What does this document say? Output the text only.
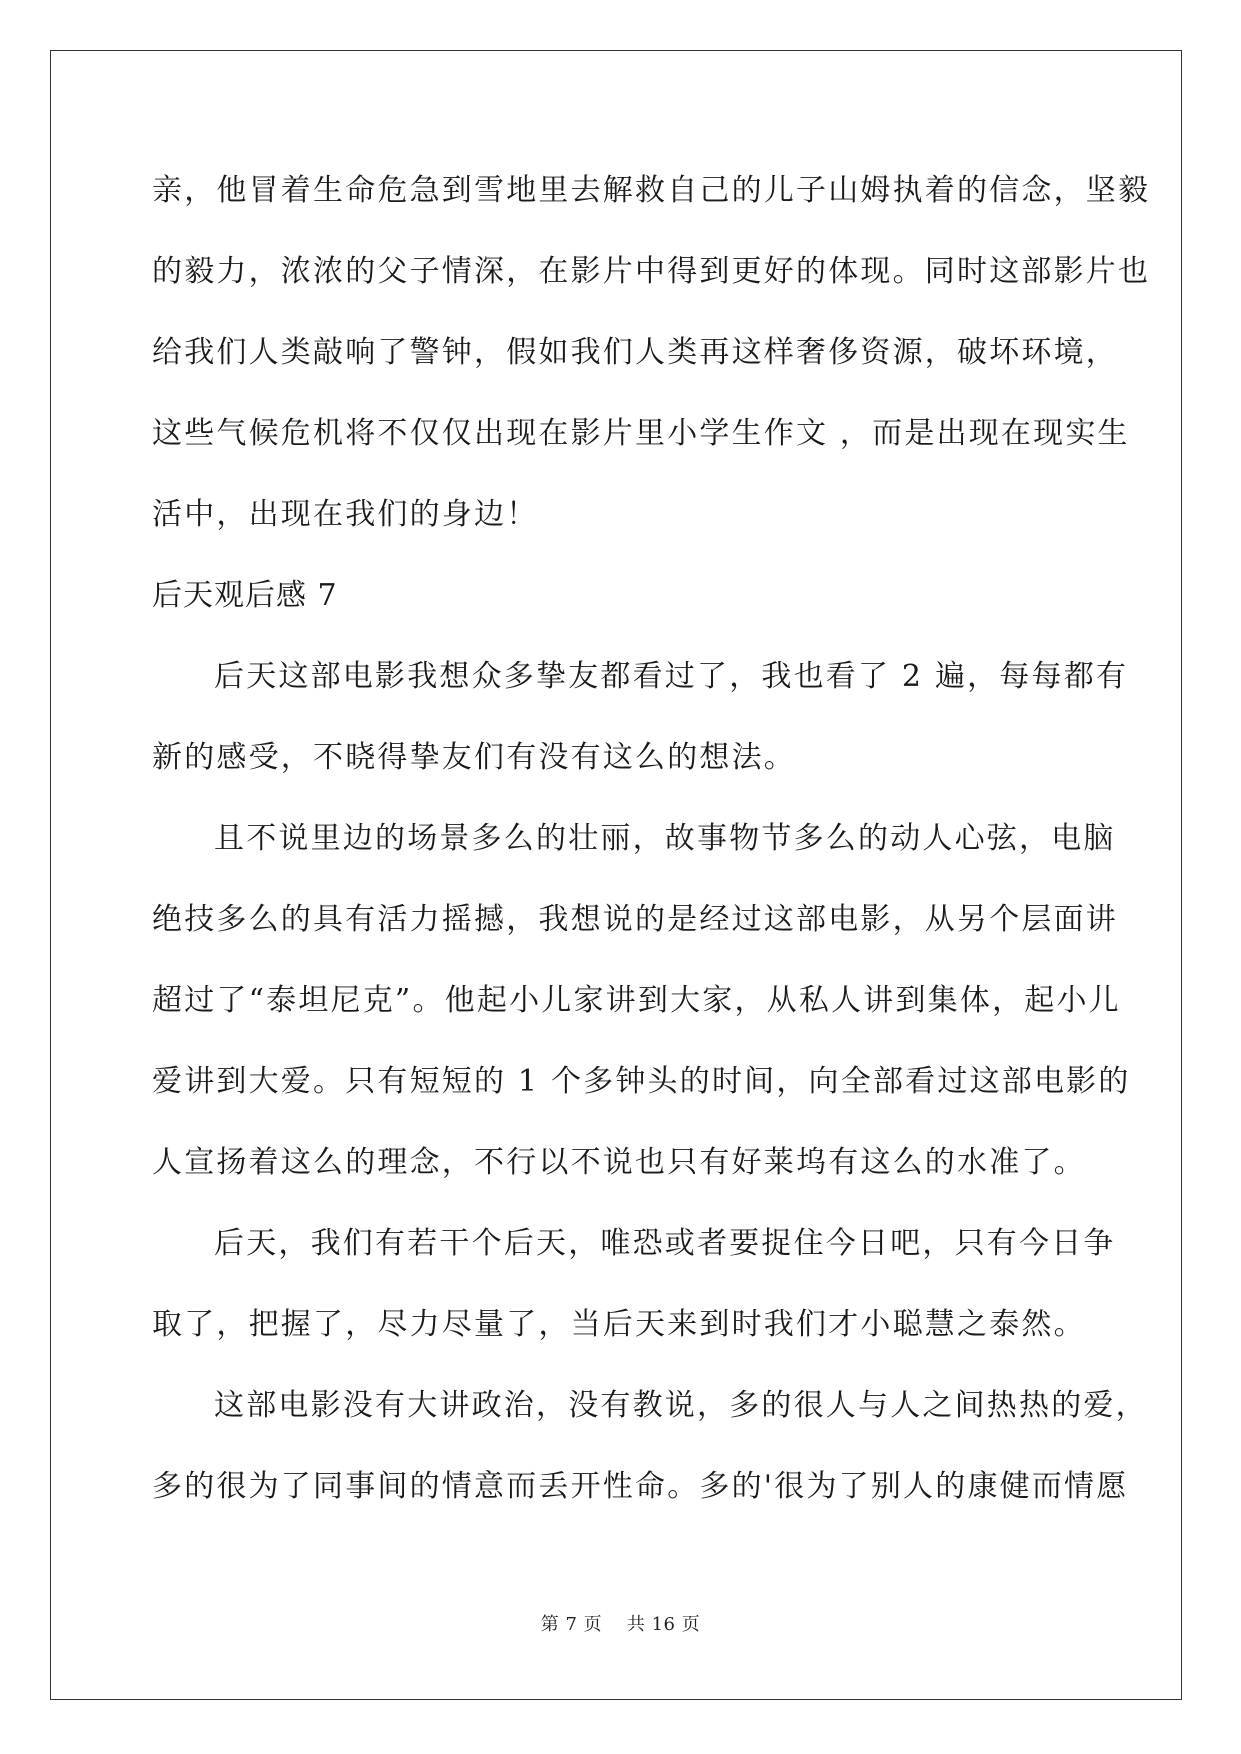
亲，他冒着生命危急到雪地里去解救自己的儿子山姆执着的信念，坚毅
的毅力，浓浓的父子情深，在影片中得到更好的体现。同时这部影片也
给我们人类敲响了警钟，假如我们人类再这样奢侈资源，破坏环境，
这些气候危机将不仅仅出现在影片里小学生作文 ，而是出现在现实生
活中，出现在我们的身边！
后天观后感 7
后天这部电影我想众多挚友都看过了，我也看了 2 遍，每每都有
新的感受，不晓得挚友们有没有这么的想法。
且不说里边的场景多么的壮丽，故事物节多么的动人心弦，电脑
绝技多么的具有活力摇撼，我想说的是经过这部电影，从另个层面讲
超过了“泰坦尼克”。他起小儿家讲到大家，从私人讲到集体，起小儿
爱讲到大爱。只有短短的 1 个多钟头的时间，向全部看过这部电影的
人宣扬着这么的理念，不行以不说也只有好莱坞有这么的水准了。
后天，我们有若干个后天，唯恐或者要捉住今日吧，只有今日争
取了，把握了，尽力尽量了，当后天来到时我们才小聪慧之泰然。
这部电影没有大讲政治，没有教说，多的很人与人之间热热的爱，
多的很为了同事间的情意而丢开性命。多的'很为了别人的康健而情愿
第 7 页　 共 16 页
